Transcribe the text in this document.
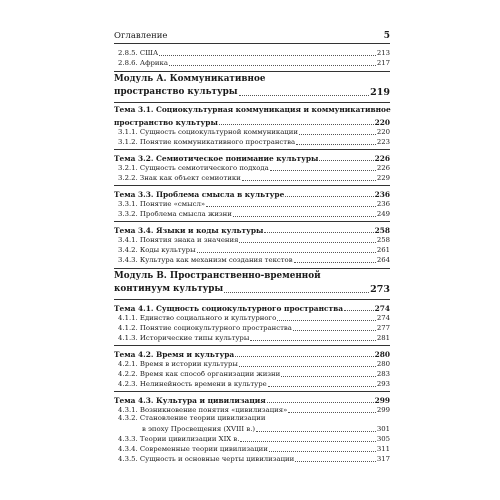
Оглавление	5
2.8.5. США	213
2.8.6. Африка	217
Модуль А. Коммуникативное
пространство культуры	219
Тема 3.1. Социокультурная коммуникация и коммуникативное
пространство культуры	220
3.1.1. Сущность социокультурной коммуникации	220
3.1.2. Понятие коммуникативного пространства	223
Тема 3.2. Семиотическое понимание культуры	226
3.2.1. Сущность семиотического подхода	226
3.2.2. Знак как объект семиотики	229
Тема 3.3. Проблема смысла в культуре	236
3.3.1. Понятие «смысл»	236
3.3.2. Проблема смысла жизни	249
Тема 3.4. Языки и коды культуры	258
3.4.1. Понятия знака и значения	258
3.4.2. Коды культуры	261
3.4.3. Культура как механизм создания текстов	264
Модуль В. Пространственно-временной
континуум культуры	273
Тема 4.1. Сущность социокультурного пространства	274
4.1.1. Единство социального и культурного	274
4.1.2. Понятие социокультурного пространства	277
4.1.3. Исторические типы культуры	281
Тема 4.2. Время и культура	280
4.2.1. Время в истории культуры	280
4.2.2. Время как способ организации жизни	283
4.2.3. Нелинейность времени в культуре	293
Тема 4.3. Культура и цивилизация	299
4.3.1. Возникновение понятия «цивилизация»	299
4.3.2. Становление теории цивилизации
в эпоху Просвещения (XVIII в.)	301
4.3.3. Теории цивилизации XIX в.	305
4.3.4. Современные теории цивилизации	311
4.3.5. Сущность и основные черты цивилизации	317
